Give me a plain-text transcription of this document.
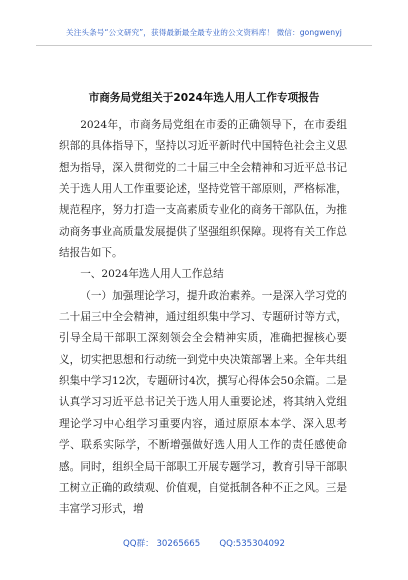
关注头条号“公文研究”，获得最新最全最专业的公文资料库！ 微信：gongwenyj
市商务局党组关于2024年选人用人工作专项报告

2024年，市商务局党组在市委的正确领导下，在市委组织部的具体指导下，坚持以习近平新时代中国特色社会主义思想为指导，深入贯彻党的二十届三中全会精神和习近平总书记关于选人用人工作重要论述，坚持党管干部原则，严格标准，规范程序，努力打造一支高素质专业化的商务干部队伍，为推动商务事业高质量发展提供了坚强组织保障。现将有关工作总结报告如下。

一、2024年选人用人工作总结

（一）加强理论学习，提升政治素养。一是深入学习党的二十届三中全会精神，通过组织集中学习、专题研讨等方式，引导全局干部职工深刻领会全会精神实质，准确把握核心要义，切实把思想和行动统一到党中央决策部署上来。全年共组织集中学习12次，专题研讨4次，撰写心得体会50余篇。二是认真学习习近平总书记关于选人用人重要论述，将其纳入党组理论学习中心组学习重要内容，通过原原本本学、深入思考学、联系实际学，不断增强做好选人用人工作的责任感使命感。同时，组织全局干部职工开展专题学习，教育引导干部职工树立正确的政绩观、价值观，自觉抵制各种不正之风。三是丰富学习形式，增

QQ群： 30265665       QQ:535304092
